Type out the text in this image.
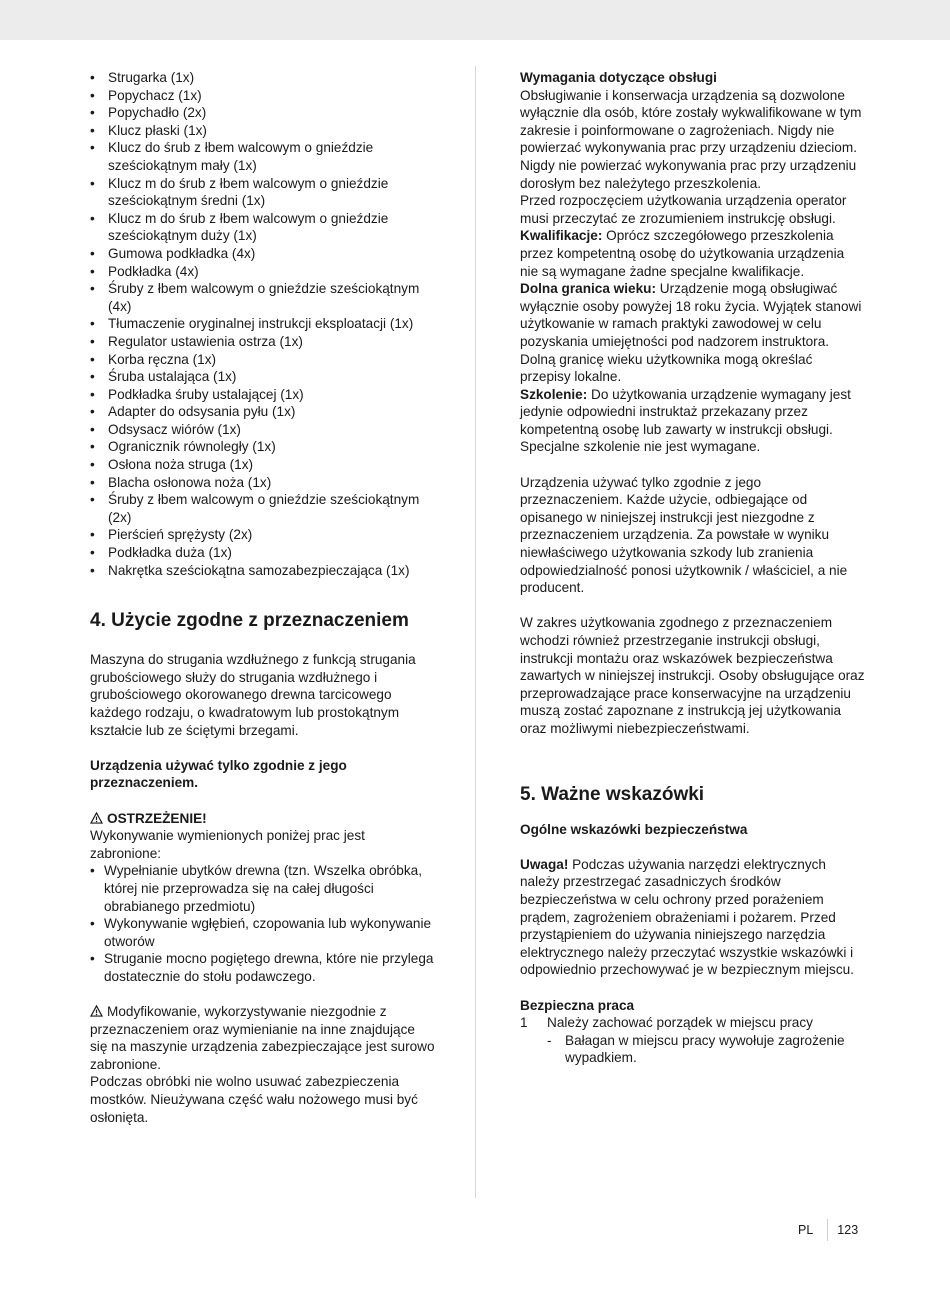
• Strugarka (1x)
• Popychacz (1x)
• Popychadło (2x)
• Klucz płaski (1x)
• Klucz do śrub z łbem walcowym o gnieździe sześciokątnym mały (1x)
• Klucz m do śrub z łbem walcowym o gnieździe sześciokątnym średni (1x)
• Klucz m do śrub z łbem walcowym o gnieździe sześciokątnym duży (1x)
• Gumowa podkładka (4x)
• Podkładka (4x)
• Śruby z łbem walcowym o gnieździe sześciokątnym (4x)
• Tłumaczenie oryginalnej instrukcji eksploatacji (1x)
• Regulator ustawienia ostrza (1x)
• Korba ręczna (1x)
• Śruba ustalająca (1x)
• Podkładka śruby ustalającej (1x)
• Adapter do odsysania pyłu (1x)
• Odsysacz wiórów (1x)
• Ogranicznik równoległy (1x)
• Osłona noża struga (1x)
• Blacha osłonowa noża (1x)
• Śruby z łbem walcowym o gnieździe sześciokątnym (2x)
• Pierścień sprężysty (2x)
• Podkładka duża (1x)
• Nakrętka sześciokątna samozabezpieczająca (1x)
4. Użycie zgodne z przeznaczeniem

Maszyna do strugania wzdłużnego z funkcją strugania grubościowego służy do strugania wzdłużnego i grubościowego okorowanego drewna tarcicowego każdego rodzaju, o kwadratowym lub prostokątnym kształcie lub ze ściętymi brzegami.

Urządzenia używać tylko zgodnie z jego przeznaczeniem.

OSTRZEŻENIE!

Wykonywanie wymienionych poniżej prac jest zabronione:

• Wypełnianie ubytków drewna (tzn. Wszelka obróbka, której nie przeprowadza się na całej długości obrabianego przedmiotu)
• Wykonywanie wgłębień, czopowania lub wykonywanie otworów
• Struganie mocno pogiętego drewna, które nie przylega dostatecznie do stołu podawczego.

Modyfikowanie, wykorzystywanie niezgodnie z przeznaczeniem oraz wymienianie na inne znajdujące się na maszynie urządzenia zabezpieczające jest surowo zabronione.

Podczas obróbki nie wolno usuwać zabezpieczenia mostków. Nieużywana część wału nożowego musi być osłonięta.

Wymagania dotyczące obsługi

Obsługiwanie i konserwacja urządzenia są dozwolone wyłącznie dla osób, które zostały wykwalifikowane w tym zakresie i poinformowane o zagrożeniach. Nigdy nie powierzać wykonywania prac przy urządzeniu dzieciom.

Nigdy nie powierzać wykonywania prac przy urządzeniu dorosłym bez należytego przeszkolenia.

Przed rozpoczęciem użytkowania urządzenia operator musi przeczytać ze zrozumieniem instrukcję obsługi.

Kwalifikacje: Oprócz szczegółowego przeszkolenia przez kompetentną osobę do użytkowania urządzenia nie są wymagane żadne specjalne kwalifikacje.

Dolna granica wieku: Urządzenie mogą obsługiwać wyłącznie osoby powyżej 18 roku życia. Wyjątek stanowi użytkowanie w ramach praktyki zawodowej w celu pozyskania umiejętności pod nadzorem instruktora. Dolną granicę wieku użytkownika mogą określać przepisy lokalne.

Szkolenie: Do użytkowania urządzenie wymagany jest jedynie odpowiedni instruktaż przekazany przez kompetentną osobę lub zawarty w instrukcji obsługi. Specjalne szkolenie nie jest wymagane.

Urządzenia używać tylko zgodnie z jego przeznaczeniem. Każde użycie, odbiegające od opisanego w niniejszej instrukcji jest niezgodne z przeznaczeniem urządzenia. Za powstałe w wyniku niewłaściwego użytkowania szkody lub zranienia odpowiedzialność ponosi użytkownik / właściciel, a nie producent.

W zakres użytkowania zgodnego z przeznaczeniem wchodzi również przestrzeganie instrukcji obsługi, instrukcji montażu oraz wskazówek bezpieczeństwa zawartych w niniejszej instrukcji. Osoby obsługujące oraz przeprowadzające prace konserwacyjne na urządzeniu muszą zostać zapoznane z instrukcją jej użytkowania oraz możliwymi niebezpieczeństwami.

5. Ważne wskazówki

Ogólne wskazówki bezpieczeństwa

Uwaga! Podczas używania narzędzi elektrycznych należy przestrzegać zasadniczych środków bezpieczeństwa w celu ochrony przed porażeniem prądem, zagrożeniem obrażeniami i pożarem. Przed przystąpieniem do używania niniejszego narzędzia elektrycznego należy przeczytać wszystkie wskazówki i odpowiednio przechowywać je w bezpiecznym miejscu.

Bezpieczna praca

1	Należy zachować porządek w miejscu pracy
- Bałagan w miejscu pracy wywołuje zagrożenie wypadkiem.
PL 123
